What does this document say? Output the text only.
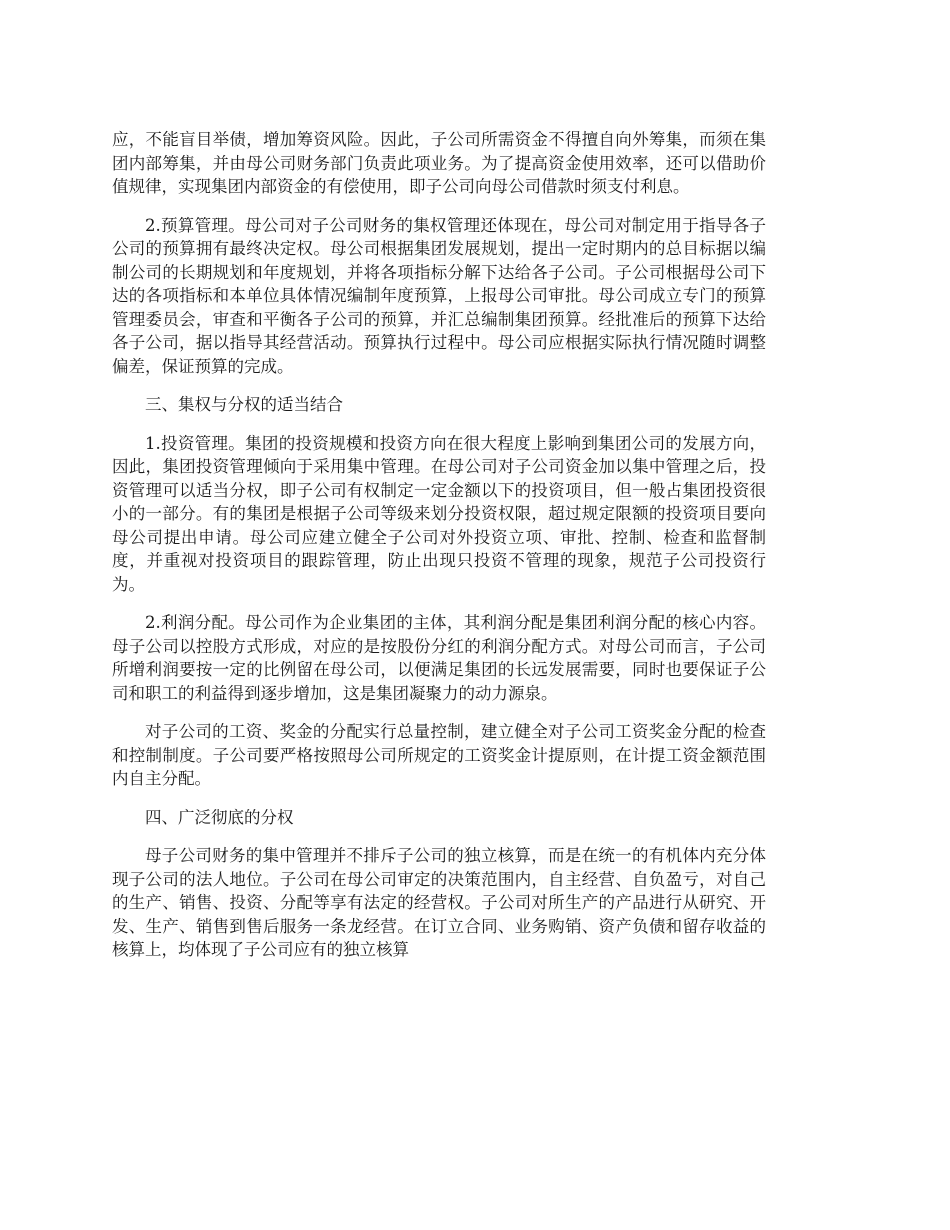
应，不能盲目举债，增加筹资风险。因此，子公司所需资金不得擅自向外筹集，而须在集团内部筹集，并由母公司财务部门负责此项业务。为了提高资金使用效率，还可以借助价值规律，实现集团内部资金的有偿使用，即子公司向母公司借款时须支付利息。

2.预算管理。母公司对子公司财务的集权管理还体现在，母公司对制定用于指导各子公司的预算拥有最终决定权。母公司根据集团发展规划，提出一定时期内的总目标据以编制公司的长期规划和年度规划，并将各项指标分解下达给各子公司。子公司根据母公司下达的各项指标和本单位具体情况编制年度预算，上报母公司审批。母公司成立专门的预算管理委员会，审查和平衡各子公司的预算，并汇总编制集团预算。经批准后的预算下达给各子公司，据以指导其经营活动。预算执行过程中。母公司应根据实际执行情况随时调整偏差，保证预算的完成。

三、集权与分权的适当结合

1.投资管理。集团的投资规模和投资方向在很大程度上影响到集团公司的发展方向，因此，集团投资管理倾向于采用集中管理。在母公司对子公司资金加以集中管理之后，投资管理可以适当分权，即子公司有权制定一定金额以下的投资项目，但一般占集团投资很小的一部分。有的集团是根据子公司等级来划分投资权限，超过规定限额的投资项目要向母公司提出申请。母公司应建立健全子公司对外投资立项、审批、控制、检查和监督制度，并重视对投资项目的跟踪管理，防止出现只投资不管理的现象，规范子公司投资行为。

2.利润分配。母公司作为企业集团的主体，其利润分配是集团利润分配的核心内容。母子公司以控股方式形成，对应的是按股份分红的利润分配方式。对母公司而言，子公司所增利润要按一定的比例留在母公司，以便满足集团的长远发展需要，同时也要保证子公司和职工的利益得到逐步增加，这是集团凝聚力的动力源泉。

对子公司的工资、奖金的分配实行总量控制，建立健全对子公司工资奖金分配的检查和控制制度。子公司要严格按照母公司所规定的工资奖金计提原则，在计提工资金额范围内自主分配。

四、广泛彻底的分权

母子公司财务的集中管理并不排斥子公司的独立核算，而是在统一的有机体内充分体现子公司的法人地位。子公司在母公司审定的决策范围内，自主经营、自负盈亏，对自己的生产、销售、投资、分配等享有法定的经营权。子公司对所生产的产品进行从研究、开发、生产、销售到售后服务一条龙经营。在订立合同、业务购销、资产负债和留存收益的核算上，均体现了子公司应有的独立核算
